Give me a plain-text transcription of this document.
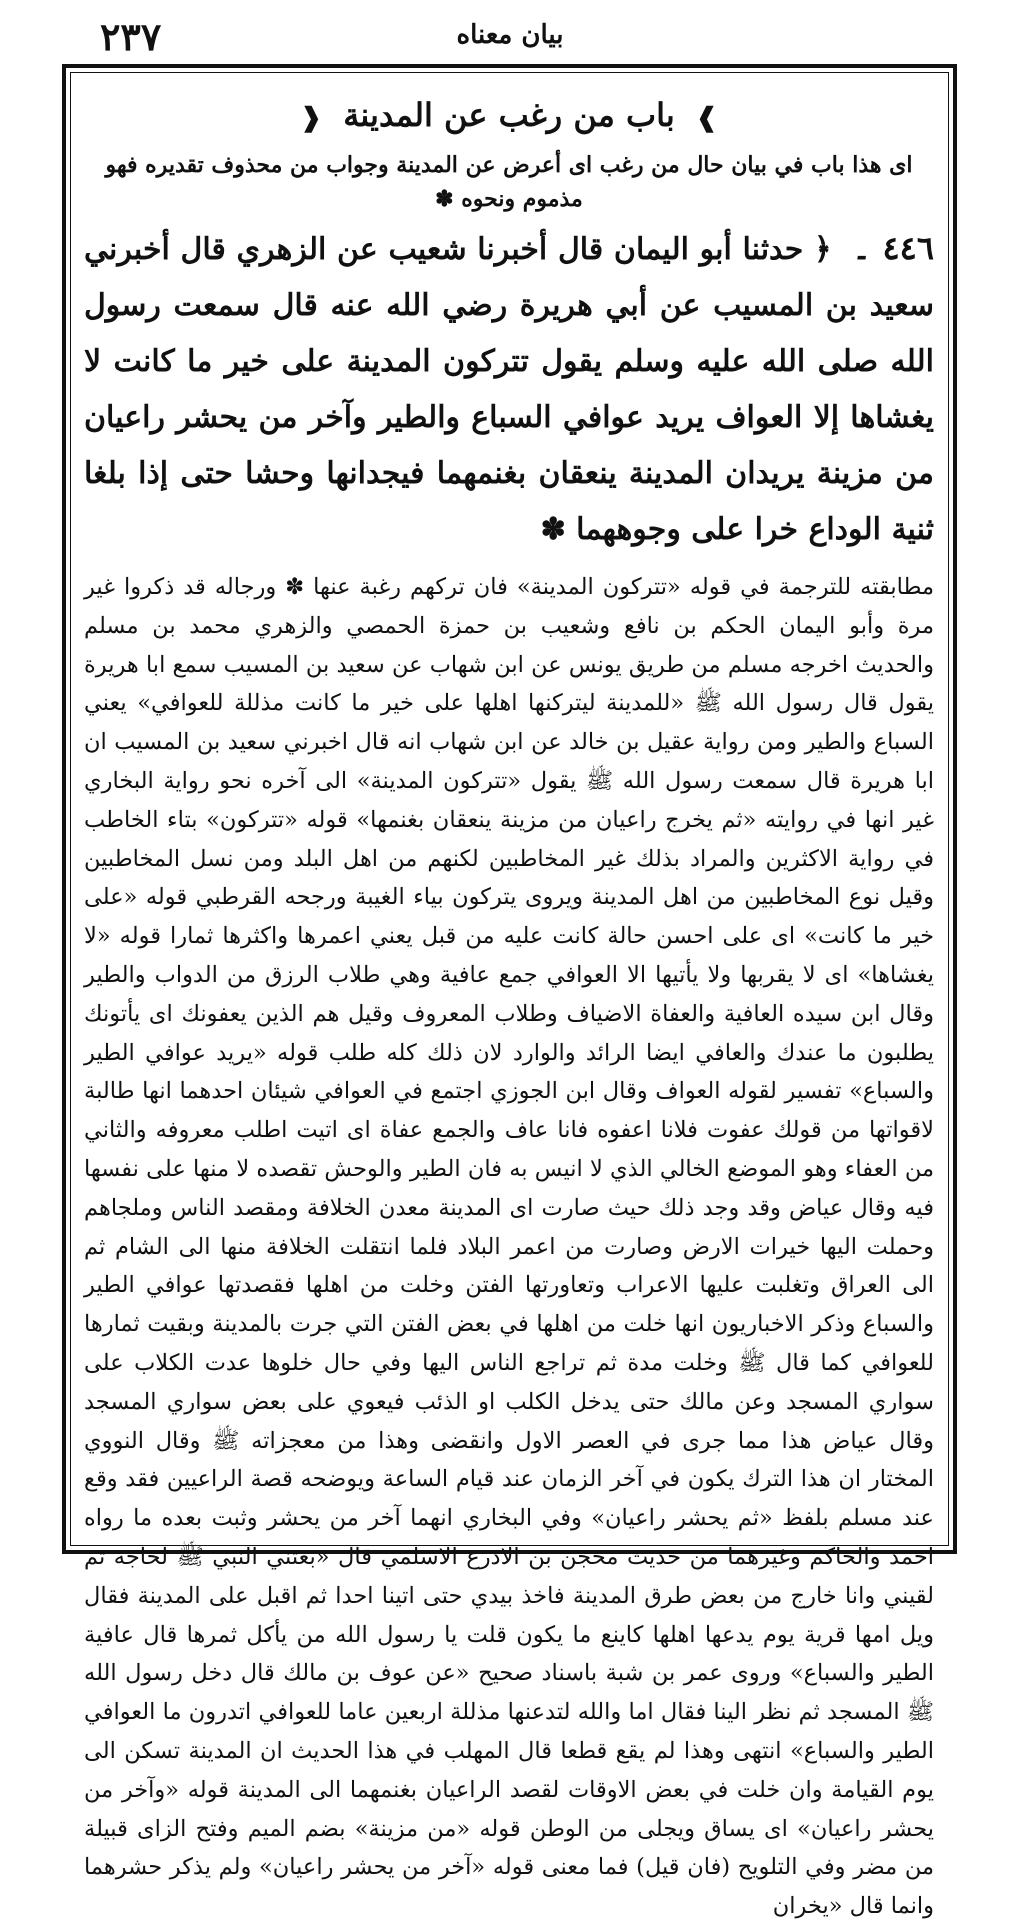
٢٣٧	بيان معناه
❱ باب من رغب عن المدينة ❰
اى هذا باب في بيان حال من رغب اى أعرض عن المدينة وجواب من محذوف تقديره فهو مذموم ونحوه ✽
٤٤٦ ۔ ﴿ حدثنا أبو اليمان قال أخبرنا شعيب عن الزهري قال أخبرني سعيد بن المسيب عن أبي هريرة رضي الله عنه قال سمعت رسول الله صلى الله عليه وسلم يقول تتركون المدينة على خير ما كانت لا يغشاها إلا العواف يريد عوافي السباع والطير وآخر من يحشر راعيان من مزينة يريدان المدينة ينعقان بغنمهما فيجدانها وحشا حتى إذا بلغا ثنية الوداع خرا على وجوههما ✽

مطابقته للترجمة في قوله «تتركون المدينة» فان تركهم رغبة عنها ✽ ورجاله قد ذكروا غير مرة وأبو اليمان الحكم بن نافع وشعيب بن حمزة الحمصي والزهري محمد بن مسلم والحديث اخرجه مسلم من طريق يونس عن ابن شهاب عن سعيد بن المسيب سمع ابا هريرة يقول قال رسول الله ﷺ «للمدينة ليتركنها اهلها على خير ما كانت مذللة للعوافي» يعني السباع والطير ومن رواية عقيل بن خالد عن ابن شهاب انه قال اخبرني سعيد بن المسيب ان ابا هريرة قال سمعت رسول الله ﷺ يقول «تتركون المدينة» الى آخره نحو رواية البخاري غير انها في روايته «ثم يخرج راعيان من مزينة ينعقان بغنمها» قوله «تتركون» بتاء الخاطب في رواية الاكثرين والمراد بذلك غير المخاطبين لكنهم من اهل البلد ومن نسل المخاطبين وقيل نوع المخاطبين من اهل المدينة ويروى يتركون بياء الغيبة ورجحه القرطبي قوله «على خير ما كانت» اى على احسن حالة كانت عليه من قبل يعني اعمرها واكثرها ثمارا قوله «لا يغشاها» اى لا يقربها ولا يأتيها الا العوافي جمع عافية وهي طلاب الرزق من الدواب والطير وقال ابن سيده العافية والعفاة الاضياف وطلاب المعروف وقيل هم الذين يعفونك اى يأتونك يطلبون ما عندك والعافي ايضا الرائد والوارد لان ذلك كله طلب قوله «يريد عوافي الطير والسباع» تفسير لقوله العواف وقال ابن الجوزي اجتمع في العوافي شيئان احدهما انها طالبة لاقواتها من قولك عفوت فلانا اعفوه فانا عاف والجمع عفاة اى اتيت اطلب معروفه والثاني من العفاء وهو الموضع الخالي الذي لا انيس به فان الطير والوحش تقصده لا منها على نفسها فيه وقال عياض وقد وجد ذلك حيث صارت اى المدينة معدن الخلافة ومقصد الناس وملجاهم وحملت اليها خيرات الارض وصارت من اعمر البلاد فلما انتقلت الخلافة منها الى الشام ثم الى العراق وتغلبت عليها الاعراب وتعاورتها الفتن وخلت من اهلها فقصدتها عوافي الطير والسباع وذكر الاخباريون انها خلت من اهلها في بعض الفتن التي جرت بالمدينة وبقيت ثمارها للعوافي كما قال ﷺ وخلت مدة ثم تراجع الناس اليها وفي حال خلوها عدت الكلاب على سواري المسجد وعن مالك حتى يدخل الكلب او الذئب فيعوي على بعض سواري المسجد وقال عياض هذا مما جرى في العصر الاول وانقضى وهذا من معجزاته ﷺ وقال النووي المختار ان هذا الترك يكون في آخر الزمان عند قيام الساعة ويوضحه قصة الراعيين فقد وقع عند مسلم بلفظ «ثم يحشر راعيان» وفي البخاري انهما آخر من يحشر وثبت بعده ما رواه احمد والحاكم وغيرهما من حديث محجن بن الادرع الاسلمي قال «بعثني النبي ﷺ لحاجة ثم لقيني وانا خارج من بعض طرق المدينة فاخذ بيدي حتى اتينا احدا ثم اقبل على المدينة فقال ويل امها قرية يوم يدعها اهلها كاينع ما يكون قلت يا رسول الله من يأكل ثمرها قال عافية الطير والسباع» وروى عمر بن شبة باسناد صحيح «عن عوف بن مالك قال دخل رسول الله ﷺ المسجد ثم نظر الينا فقال اما والله لتدعنها مذللة اربعين عاما للعوافي اتدرون ما العوافي الطير والسباع» انتهى وهذا لم يقع قطعا قال المهلب في هذا الحديث ان المدينة تسكن الى يوم القيامة وان خلت في بعض الاوقات لقصد الراعيان بغنمهما الى المدينة قوله «وآخر من يحشر راعيان» اى يساق ويجلى من الوطن قوله «من مزينة» بضم الميم وفتح الزاى قبيلة من مضر وفي التلويح (فان قيل) فما معنى قوله «آخر من يحشر راعيان» ولم يذكر حشرهما وانما قال «يخران
